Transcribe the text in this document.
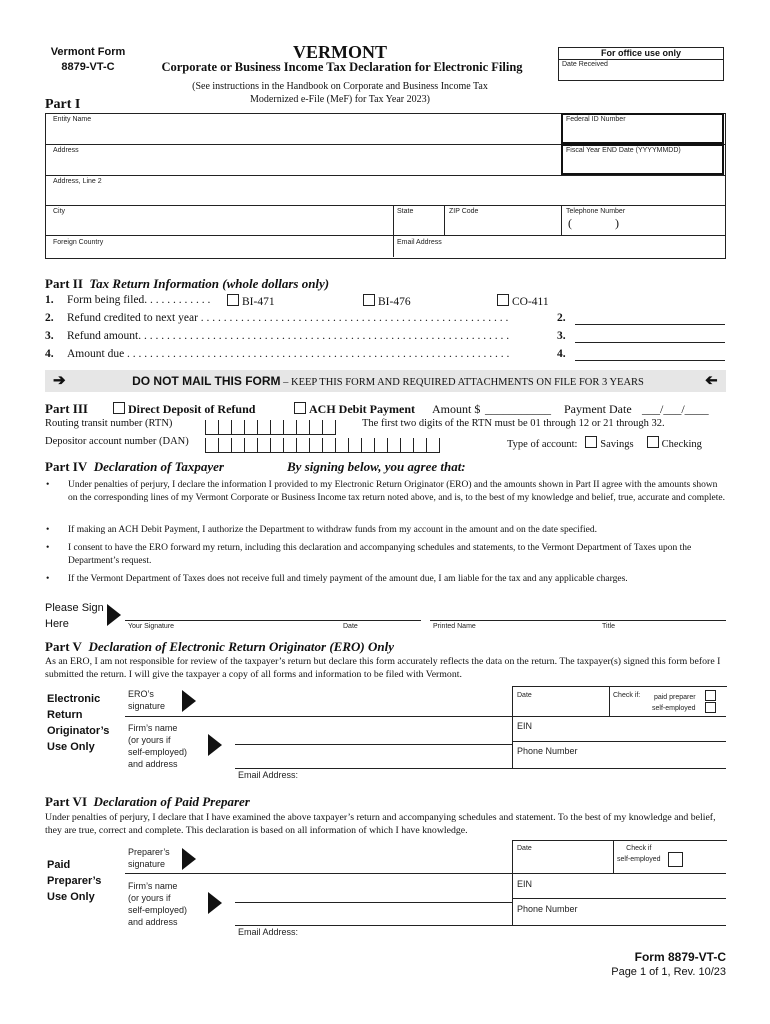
Vermont Form
8879-VT-C
VERMONT
Corporate or Business Income Tax Declaration for Electronic Filing
(See instructions in the Handbook on Corporate and Business Income Tax
Modernized e-File (MeF) for Tax Year 2023)
For office use only
Date Received
Part I
Entity Name	Federal ID Number
Address	Fiscal Year END Date (YYYYMMDD)
Address, Line 2
City	State	ZIP Code	Telephone Number
(	)
Foreign Country	Email Address
Part II Tax Return Information (whole dollars only)
1. Form being filed. . . . . . . . . . . .	BI-471	BI-476	CO-411
2. Refund credited to next year . . . . . . . . . . . . . . . . . . . . . . . . . . . . . . . . . . . . . . . . . . . . . . . . . . . . . .	2.
3. Refund amount. . . . . . . . . . . . . . . . . . . . . . . . . . . . . . . . . . . . . . . . . . . . . . . . . . . . . . . . . . . . . . . . .	3.
4. Amount due . . . . . . . . . . . . . . . . . . . . . . . . . . . . . . . . . . . . . . . . . . . . . . . . . . . . . . . . . . . . . . . . . . .	4.
➔	DO NOT MAIL THIS FORM – KEEP THIS FORM AND REQUIRED ATTACHMENTS ON FILE FOR 3 YEARS	➔
Part III	Direct Deposit of Refund	ACH Debit Payment Amount $ ___________ Payment Date ___/___/____
Routing transit number (RTN)	The first two digits of the RTN must be 01 through 12 or 21 through 32.
Depositor account number (DAN)	Type of account: Savings	Checking
Part IV Declaration of Taxpayer	By signing below, you agree that:
• Under penalties of perjury, I declare the information I provided to my Electronic Return Originator (ERO) and the amounts shown in Part II agree with the amounts shown on the corresponding lines of my Vermont Corporate or Business Income tax return noted above, and is, to the best of my knowledge and belief, true, accurate and complete.
• If making an ACH Debit Payment, I authorize the Department to withdraw funds from my account in the amount and on the date specified.
• I consent to have the ERO forward my return, including this declaration and accompanying schedules and statements, to the Vermont Department of Taxes upon the Department’s request.
• If the Vermont Department of Taxes does not receive full and timely payment of the amount due, I am liable for the tax and any applicable charges.
Please Sign
Here	Your Signature	Date	Printed Name	Title
Part V Declaration of Electronic Return Originator (ERO) Only
As an ERO, I am not responsible for review of the taxpayer’s return but declare this form accurately reflects the data on the return. The taxpayer(s) signed this form before I submitted the return. I will give the taxpayer a copy of all forms and information to be filed with Vermont.
Electronic
Return
Originator’s
Use Only
ERO’s
signature
Date	Check if: paid preparer
self-employed
Firm’s name
(or yours if
self-employed)
and address
EIN
Phone Number
Email Address:
Part VI Declaration of Paid Preparer
Under penalties of perjury, I declare that I have examined the above taxpayer’s return and accompanying schedules and statement. To the best of my knowledge and belief, they are true, correct and complete. This declaration is based on all information of which I have knowledge.
Paid
Preparer’s
Use Only
Preparer’s
signature
Date	Check if
self-employed
Firm’s name
(or yours if
self-employed)
and address
EIN
Phone Number
Email Address:
Form 8879-VT-C
Page 1 of 1, Rev. 10/23
